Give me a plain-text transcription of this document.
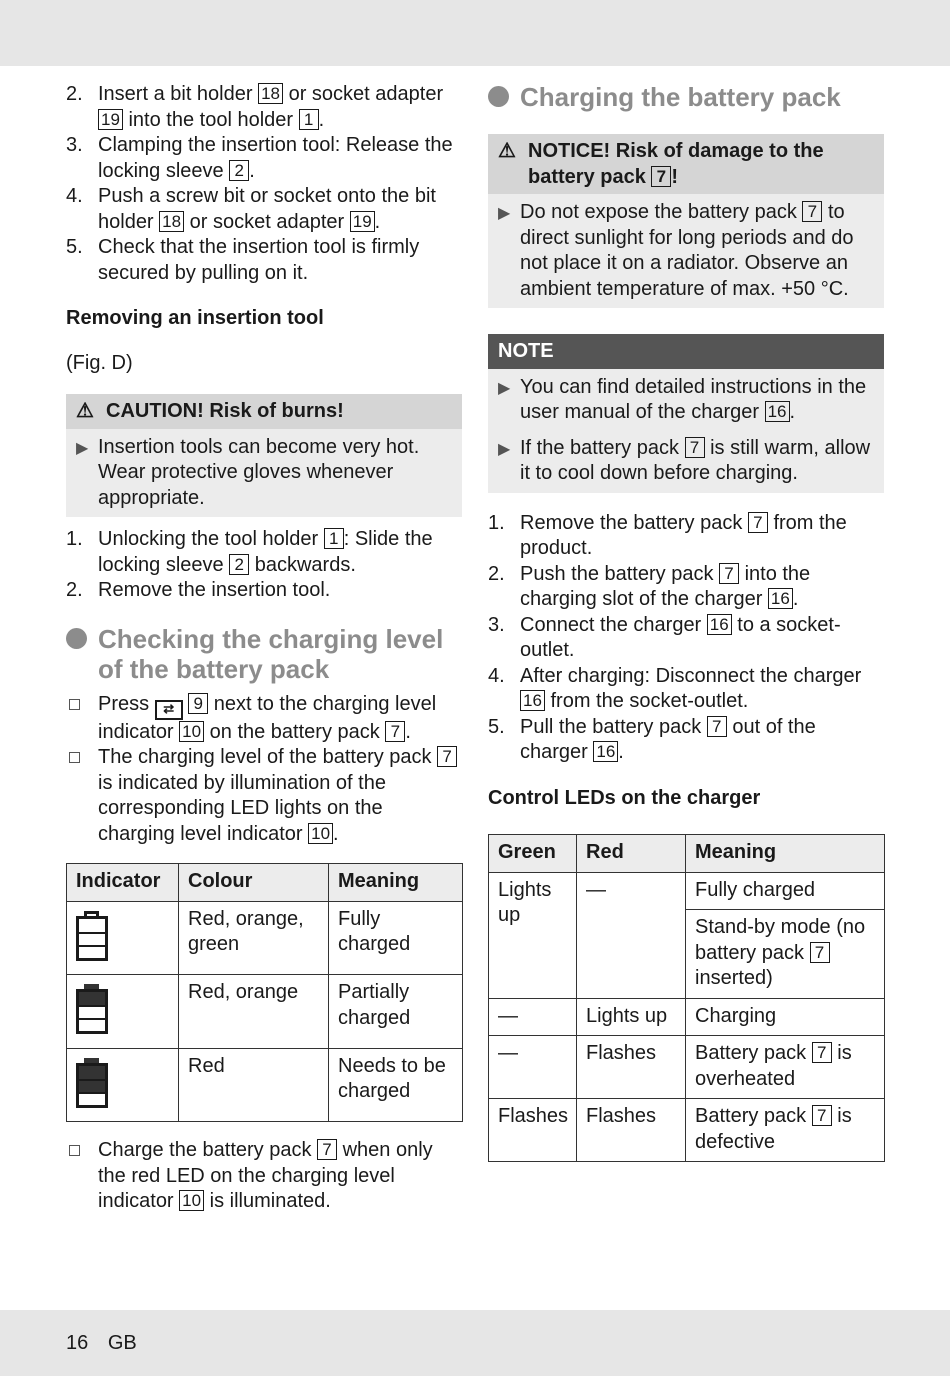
2. Insert a bit holder 18 or socket adapter 19 into the tool holder 1 .
3. Clamping the insertion tool: Release the locking sleeve 2 .
4. Push a screw bit or socket onto the bit holder 18 or socket adapter 19 .
5. Check that the insertion tool is firmly secured by pulling on it.
Removing an insertion tool
(Fig. D)
⚠ CAUTION! Risk of burns!
▶ Insertion tools can become very hot. Wear protective gloves whenever appropriate.
1. Unlocking the tool holder 1 : Slide the locking sleeve 2 backwards.
2. Remove the insertion tool.
Checking the charging level of the battery pack
Press ⇄ 9 next to the charging level indicator 10 on the battery pack 7 .
The charging level of the battery pack 7 is indicated by illumination of the corresponding LED lights on the charging level indicator 10 .
Indicator	Colour	Meaning

	Red, orange, green	Fully charged

	Red, orange	Partially charged

	Red	Needs to be charged
Charge the battery pack 7 when only the red LED on the charging level indicator 10 is illuminated.
Charging the battery pack
⚠ NOTICE! Risk of damage to the battery pack 7 !
▶ Do not expose the battery pack 7 to direct sunlight for long periods and do not place it on a radiator. Observe an ambient temperature of max. +50 °C.
NOTE
▶ You can find detailed instructions in the user manual of the charger 16 .
▶ If the battery pack 7 is still warm, allow it to cool down before charging.
1. Remove the battery pack 7 from the product.
2. Push the battery pack 7 into the charging slot of the charger 16 .
3. Connect the charger 16 to a socket-outlet.
4. After charging: Disconnect the charger 16 from the socket-outlet.
5. Pull the battery pack 7 out of the charger 16 .
Control LEDs on the charger
Green	Red	Meaning
Lights up	—	Fully charged
		Stand-by mode (no battery pack 7 inserted)
—	Lights up	Charging
—	Flashes	Battery pack 7 is overheated
Flashes	Flashes	Battery pack 7 is defective
16 GB
